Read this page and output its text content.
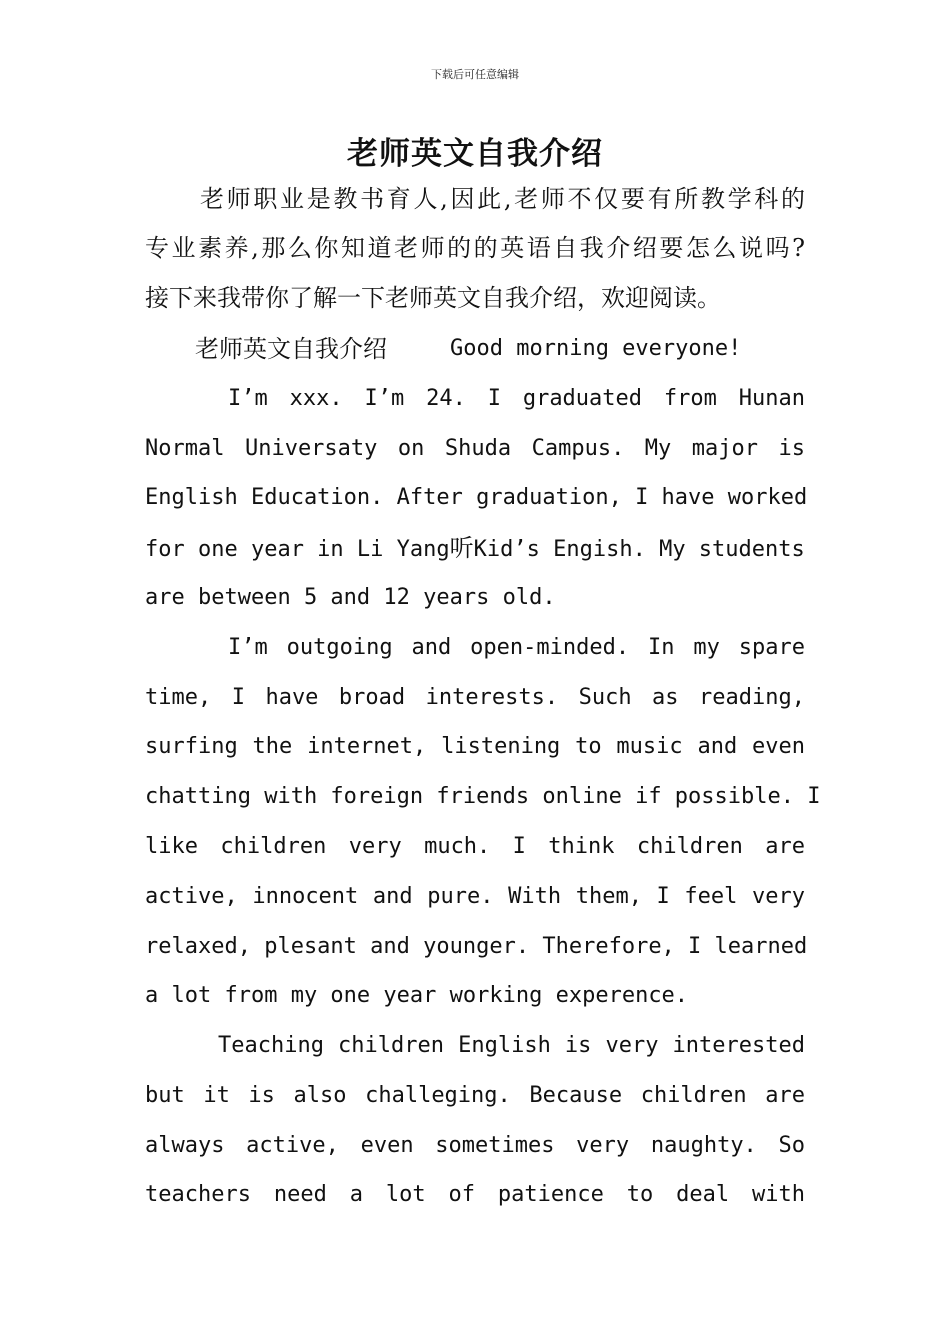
下载后可任意编辑
老师英文自我介绍
老师职业是教书育人,因此,老师不仅要有所教学科的
专业素养,那么你知道老师的的英语自我介绍要怎么说吗?
接下来我带你了解一下老师英文自我介绍，欢迎阅读。
老师英文自我介绍	Good morning everyone!
I’m xxx. I’m 24. I graduated from Hunan
Normal Universaty on Shuda Campus. My major is
English Education. After graduation, I have worked
for one year in Li Yang听Kid’s Engish. My students
are between 5 and 12 years old.
I’m outgoing and open-minded. In my spare
time, I have broad interests. Such as reading,
surfing the internet, listening to music and even
chatting with foreign friends online if possible. I
like children very much. I think children are
active, innocent and pure. With them, I feel very
relaxed, plesant and younger. Therefore, I learned
a lot from my one year working experence.
Teaching children English is very interested
but it is also challeging. Because children are
always active, even sometimes very naughty. So
teachers need a lot of patience to deal with
